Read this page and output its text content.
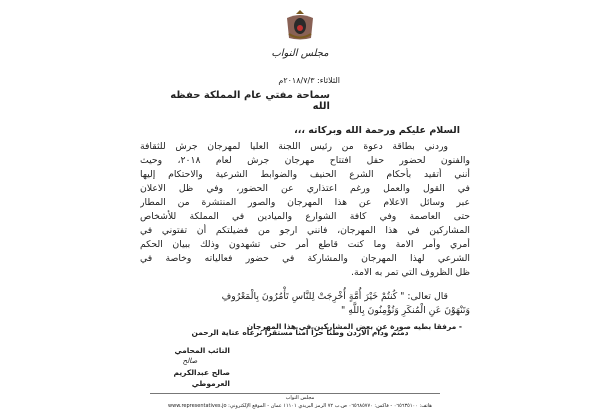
مجلس النواب
الثلاثاء: ٢٠١٨/٧/٣م
سماحة مفتي عام المملكة حفظه الله
السلام عليكم ورحمة الله وبركاته ،،،
وردني بطاقة دعوة من رئيس اللجنة العليا لمهرجان جرش للثقافة
والفنون لحضور حفل افتتاح مهرجان جرش لعام ٢٠١٨، وحيث
أنني أتقيد بأحكام الشرع الحنيف والضوابط الشرعية والاحتكام إليها
في القول والعمل ورغم اعتذاري عن الحضور، وفي ظل الاعلان
عبر وسائل الاعلام عن هذا المهرجان والصور المنتشرة من المطار
حتى العاصمة وفي كافة الشوارع والميادين في المملكة للأشخاص
المشاركين في هذا المهرجان، فانني ارجو من فضيلتكم أن تفتوني في
أمري وأمر الامة وما كنت قاطع أمر حتى تشهدون وذلك ببيان الحكم
الشرعي لهذا المهرجان والمشاركة في حضور فعالياته وخاصة في
ظل الظروف التي تمر به الامة.
قال تعالى: " كُنتُمْ خَيْرَ أُمَّةٍ أُخْرِجَتْ لِلنَّاسِ تَأْمُرُونَ بِالْمَعْرُوفِ
وَتَنْهَوْنَ عَنِ الْمُنكَرِ وَتُؤْمِنُونَ بِاللَّهِ "
- مرفقا بطيه صورة عن بعض المشاركين في هذا المهرجان
دمتم ودام الاردن وطناً حراً آمناً مستقراً ترعاه عناية الرحمن
النائب المحامي
صالح
صالح عبدالكريم العرموطي
مجلس النواب
هاتف: ٠٦٥٦٣٥١٠٠ - فاكس: ٠٦٥٦٨٥٧٧٠ ص.ب ٧٢ الرمز البريدي ١١١٠١ عمان - الموقع الإلكتروني: www.representatives.jo
